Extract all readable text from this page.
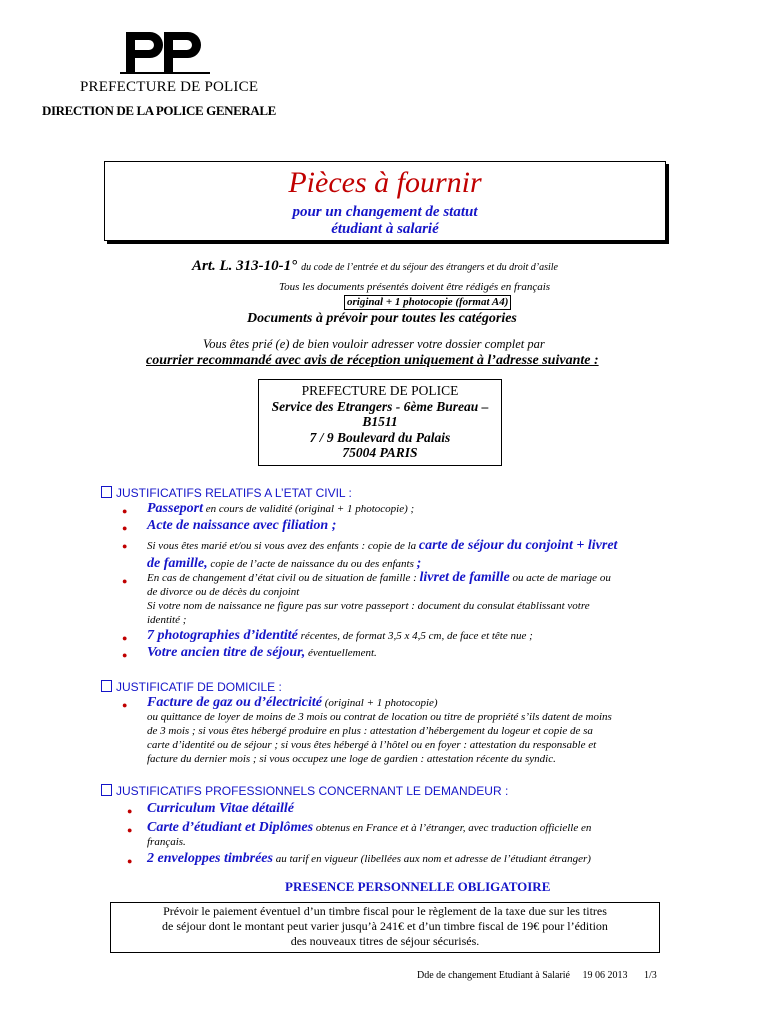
PREFECTURE DE POLICE
DIRECTION DE LA POLICE GENERALE
Pièces à fournir
pour un changement de statut
étudiant à salarié
Art. L. 313-10-1° du code de l’entrée et du séjour des étrangers et du droit d’asile
Tous les documents présentés doivent être rédigés en français
original + 1 photocopie (format A4)
Documents à prévoir pour toutes les catégories
Vous êtes prié (e) de bien vouloir adresser votre dossier complet par
courrier recommandé avec avis de réception uniquement à l’adresse suivante :
PREFECTURE DE POLICE
Service des Etrangers - 6ème Bureau –
B1511
7 / 9 Boulevard du Palais
75004 PARIS
JUSTIFICATIFS RELATIFS A L’ETAT CIVIL :
● Passeport en cours de validité (original + 1 photocopie) ;
● Acte de naissance avec filiation ;
● Si vous êtes marié et/ou si vous avez des enfants : copie de la carte de séjour du conjoint + livret
de famille, copie de l’acte de naissance du ou des enfants ;
● En cas de changement d’état civil ou de situation de famille : livret de famille ou acte de mariage ou
de divorce ou de décès du conjoint
Si votre nom de naissance ne figure pas sur votre passeport : document du consulat établissant votre
identité ;
● 7 photographies d’identité récentes, de format 3,5 x 4,5 cm, de face et tête nue ;
● Votre ancien titre de séjour, éventuellement.
JUSTIFICATIF DE DOMICILE :
● Facture de gaz ou d’électricité (original + 1 photocopie)
ou quittance de loyer de moins de 3 mois ou contrat de location ou titre de propriété s’ils datent de moins
de 3 mois ; si vous êtes hébergé produire en plus : attestation d’hébergement du logeur et copie de sa
carte d’identité ou de séjour ; si vous êtes hébergé à l’hôtel ou en foyer : attestation du responsable et
facture du dernier mois ; si vous occupez une loge de gardien : attestation récente du syndic.
JUSTIFICATIFS PROFESSIONNELS CONCERNANT LE DEMANDEUR :
● Curriculum Vitae détaillé
● Carte d’étudiant et Diplômes obtenus en France et à l’étranger, avec traduction officielle en
français.
● 2 enveloppes timbrées au tarif en vigueur (libellées aux nom et adresse de l’étudiant étranger)
PRESENCE PERSONNELLE OBLIGATOIRE
Prévoir le paiement éventuel d’un timbre fiscal pour le règlement de la taxe due sur les titres
de séjour dont le montant peut varier jusqu’à 241€ et d’un timbre fiscal de 19€ pour l’édition
des nouveaux titres de séjour sécurisés.
Dde de changement Etudiant à Salarié 19 06 2013 1/3
